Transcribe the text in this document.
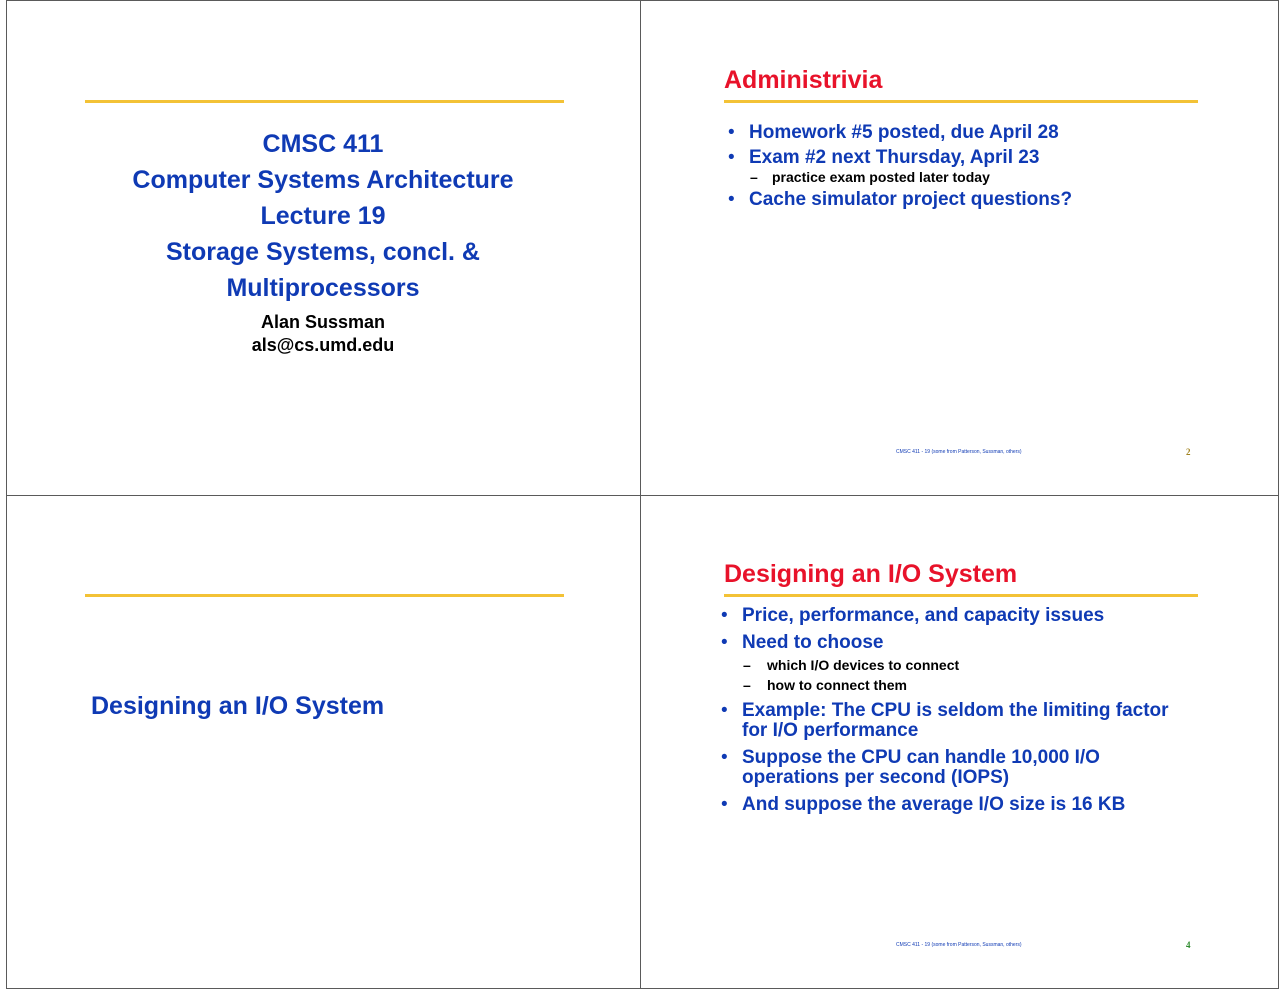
CMSC 411
Computer Systems Architecture
Lecture 19
Storage Systems, concl. &
Multiprocessors
Alan Sussman
als@cs.umd.edu
Administrivia
• Homework #5 posted, due April 28
• Exam #2 next Thursday, April 23
– practice exam posted later today
• Cache simulator project questions?
CMSC 411 - 19 (some from Patterson, Sussman, others)	2
Designing an I/O System
Designing an I/O System
• Price, performance, and capacity issues
• Need to choose
– which I/O devices to connect
– how to connect them
• Example: The CPU is seldom the limiting factor for I/O performance
• Suppose the CPU can handle 10,000 I/O operations per second (IOPS)
• And suppose the average I/O size is 16 KB
CMSC 411 - 19 (some from Patterson, Sussman, others)	4
